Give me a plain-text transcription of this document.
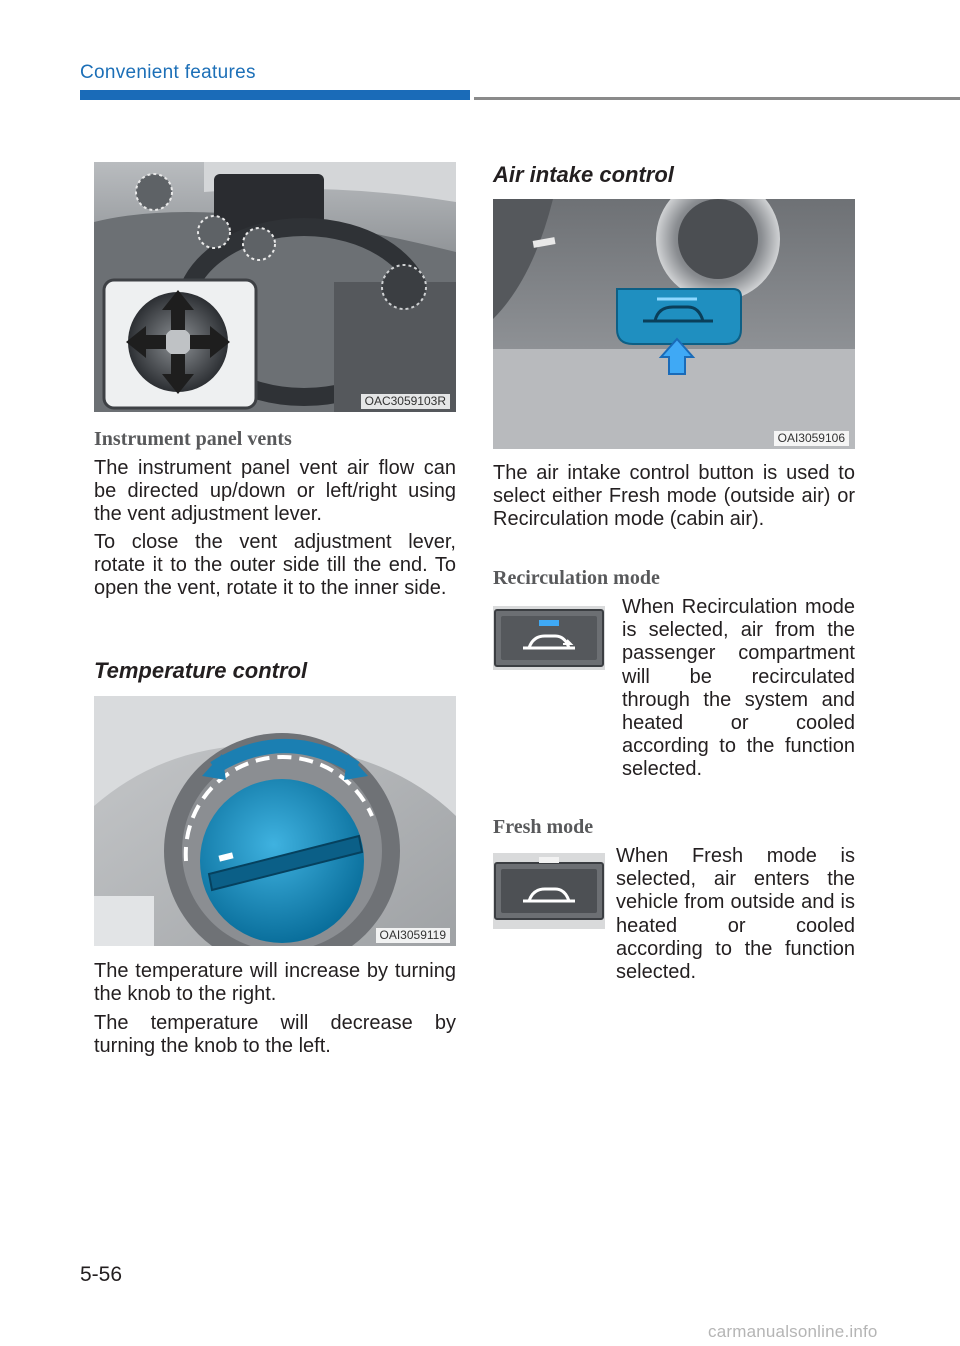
Convenient features
OAC3059103R
Instrument panel vents
The instrument panel vent air flow can be directed up/down or left/right using the vent adjustment lever.
To close the vent adjustment lever, rotate it to the outer side till the end. To open the vent, rotate it to the inner side.
Temperature control
OAI3059119
The temperature will increase by turning the knob to the right.
The temperature will decrease by turning the knob to the left.
Air intake control
OAI3059106
The air intake control button is used to select either Fresh mode (outside air) or Recirculation mode (cabin air).
Recirculation mode
When Recirculation mode is selected, air from the passenger compartment will be recirculated through the system and heated or cooled according to the function selected.
Fresh mode
When Fresh mode is selected, air enters the vehicle from outside and is heated or cooled according to the function selected.
5-56
carmanualsonline.info
